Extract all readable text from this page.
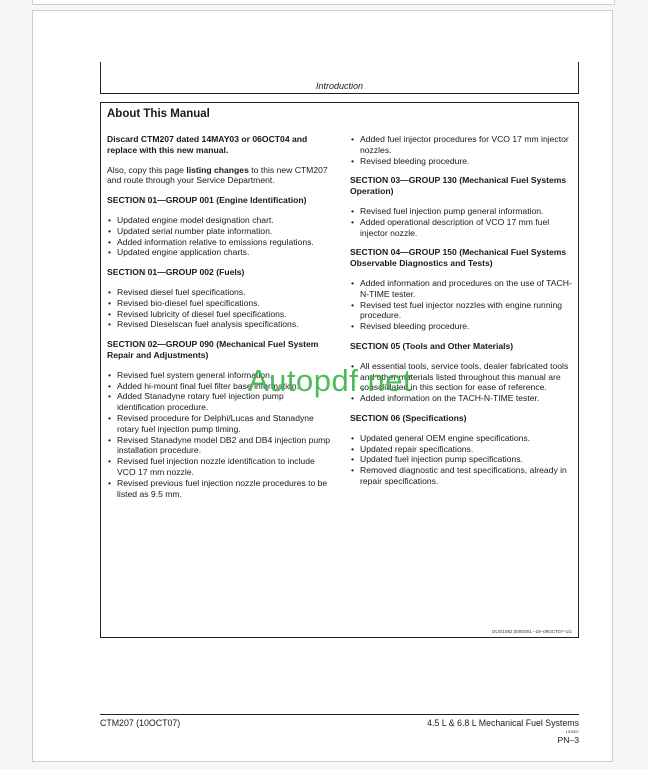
Introduction
About This Manual

Discard CTM207 dated 14MAY03 or 06OCT04 and replace with this new manual.

Also, copy this page listing changes to this new CTM207 and route through your Service Department.

SECTION 01—GROUP 001 (Engine Identification)
• Updated engine model designation chart.
• Updated serial number plate information.
• Added information relative to emissions regulations.
• Updated engine application charts.
SECTION 01—GROUP 002 (Fuels)
• Revised diesel fuel specifications.
• Revised bio-diesel fuel specifications.
• Revised lubricity of diesel fuel specifications.
• Revised Dieselscan fuel analysis specifications.
SECTION 02—GROUP 090 (Mechanical Fuel System Repair and Adjustments)
• Revised fuel system general information.
• Added hi-mount final fuel filter base information.
• Added Stanadyne rotary fuel injection pump identification procedure.
• Revised procedure for Delphi/Lucas and Stanadyne rotary fuel injection pump timing.
• Revised Stanadyne model DB2 and DB4 injection pump installation procedure.
• Revised fuel injection nozzle identification to include VCO 17 mm nozzle.
• Revised previous fuel injection nozzle procedures to be listed as 9.5 mm.
• Added fuel injector procedures for VCO 17 mm injector nozzles.
• Revised bleeding procedure.
SECTION 03—GROUP 130 (Mechanical Fuel Systems Operation)
• Revised fuel injection pump general information.
• Added operational description of VCO 17 mm fuel injector nozzle.
SECTION 04—GROUP 150 (Mechanical Fuel Systems Observable Diagnostics and Tests)
• Added information and procedures on the use of TACH-N-TIME tester.
• Revised test fuel injector nozzles with engine running procedure.
• Revised bleeding procedure.
SECTION 05 (Tools and Other Materials)
• All essential tools, service tools, dealer fabricated tools and other materials listed throughout this manual are consolidated in this section for ease of reference.
• Added information on the TACH-N-TIME tester.
SECTION 06 (Specifications)
• Updated general OEM engine specifications.
• Updated repair specifications.
• Updated fuel injection pump specifications.
• Removed diagnostic and test specifications, already in repair specifications.
OUO1082,0000081 –19–09OCT07–1/1
Autopdf.net
CTM207 (10OCT07)	4.5 L & 6.8 L Mechanical Fuel Systems
101007
PN–3
